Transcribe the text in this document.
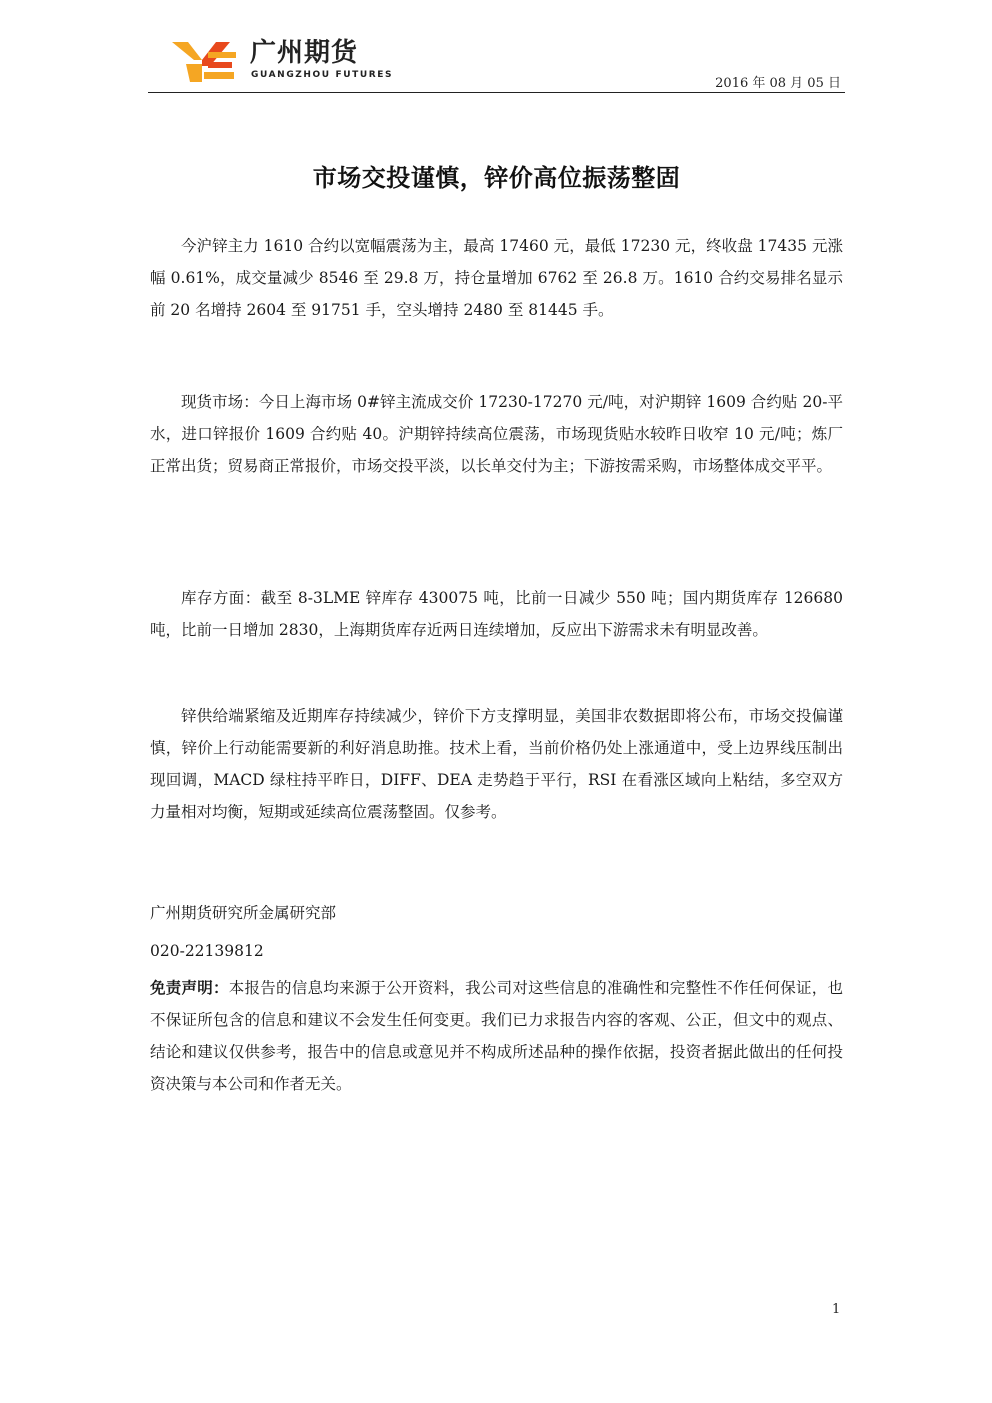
广州期货
GUANGZHOU FUTURES
2016 年 08 月 05 日
市场交投谨慎，锌价高位振荡整固

今沪锌主力 1610 合约以宽幅震荡为主，最高 17460 元，最低 17230 元，终收盘 17435 元涨幅 0.61%，成交量减少 8546 至 29.8 万，持仓量增加 6762 至 26.8 万。1610 合约交易排名显示前 20 名增持 2604 至 91751 手，空头增持 2480 至 81445 手。

现货市场：今日上海市场 0#锌主流成交价 17230-17270 元/吨，对沪期锌 1609 合约贴 20-平水，进口锌报价 1609 合约贴 40。沪期锌持续高位震荡，市场现货贴水较昨日收窄 10 元/吨；炼厂正常出货；贸易商正常报价，市场交投平淡，以长单交付为主；下游按需采购，市场整体成交平平。

库存方面：截至 8-3LME 锌库存 430075 吨，比前一日减少 550 吨；国内期货库存 126680 吨，比前一日增加 2830，上海期货库存近两日连续增加，反应出下游需求未有明显改善。

锌供给端紧缩及近期库存持续减少，锌价下方支撑明显，美国非农数据即将公布，市场交投偏谨慎，锌价上行动能需要新的利好消息助推。技术上看，当前价格仍处上涨通道中，受上边界线压制出现回调，MACD 绿柱持平昨日，DIFF、DEA 走势趋于平行，RSI 在看涨区域向上粘结，多空双方力量相对均衡，短期或延续高位震荡整固。仅参考。

广州期货研究所金属研究部

020-22139812

免责声明：本报告的信息均来源于公开资料，我公司对这些信息的准确性和完整性不作任何保证，也不保证所包含的信息和建议不会发生任何变更。我们已力求报告内容的客观、公正，但文中的观点、结论和建议仅供参考，报告中的信息或意见并不构成所述品种的操作依据，投资者据此做出的任何投资决策与本公司和作者无关。

1
